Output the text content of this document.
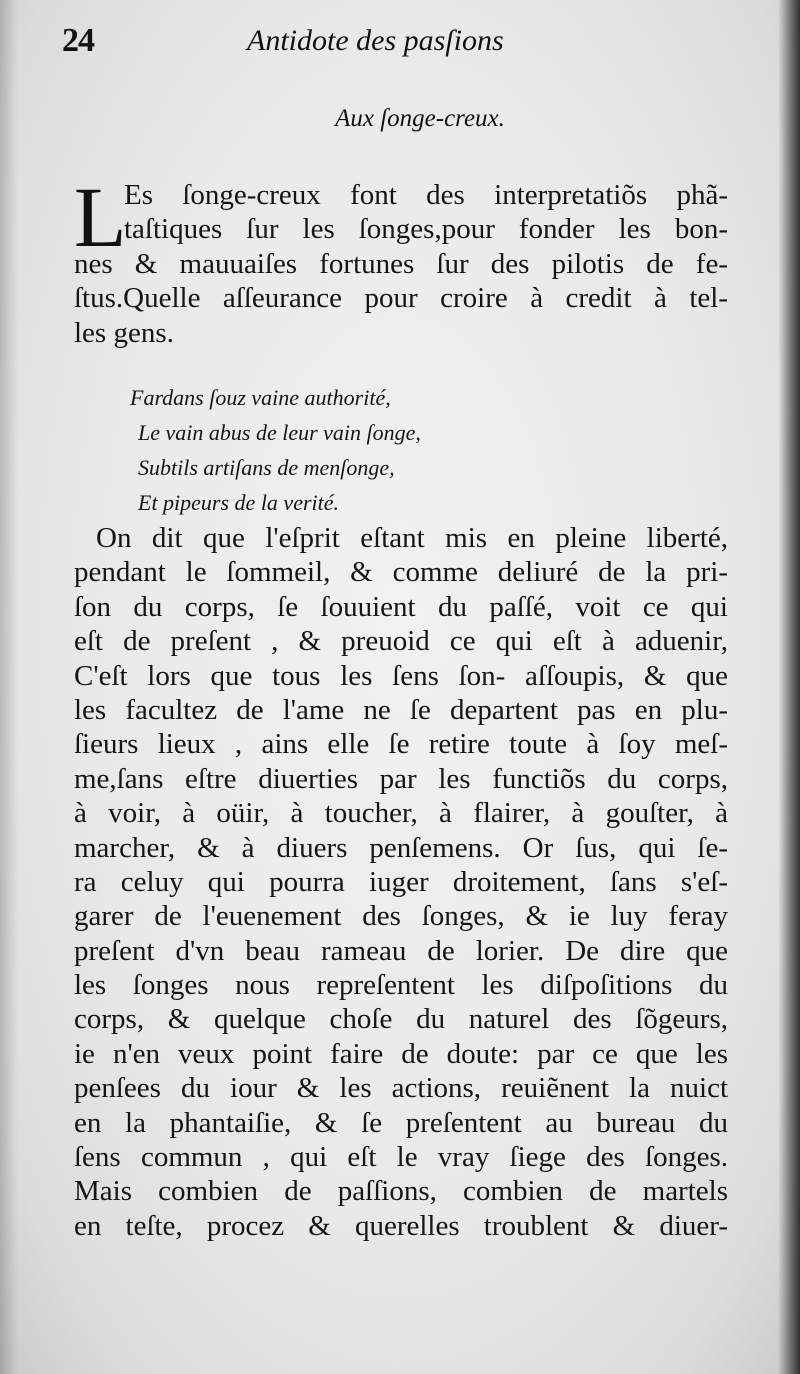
24	Antidote des pasſions
Aux ſonge-creux.
L
Es ſonge-creux font des interpretatiõs phã-
taſtiques ſur les ſonges,pour fonder les bon-
nes & mauuaiſes fortunes ſur des pilotis de fe-
ſtus.Quelle aſſeurance pour croire à credit à tel-
les gens.
Fardans ſouz vaine authorité,
Le vain abus de leur vain ſonge,
Subtils artiſans de menſonge,
Et pipeurs de la verité.
On dit que l'eſprit eſtant mis en pleine liberté,
pendant le ſommeil, & comme deliuré de la pri-
ſon du corps, ſe ſouuient du paſſé, voit ce qui
eſt de preſent , & preuoid ce qui eſt à aduenir,
C'eſt lors que tous les ſens ſon- aſſoupis, & que
les facultez de l'ame ne ſe departent pas en plu-
ſieurs lieux , ains elle ſe retire toute à ſoy meſ-
me,ſans eſtre diuerties par les functiõs du corps,
à voir, à oüir, à toucher, à flairer, à gouſter, à
marcher, & à diuers penſemens. Or ſus, qui ſe-
ra celuy qui pourra iuger droitement, ſans s'eſ-
garer de l'euenement des ſonges, & ie luy feray
preſent d'vn beau rameau de lorier. De dire que
les ſonges nous repreſentent les diſpoſitions du
corps, & quelque choſe du naturel des ſõgeurs,
ie n'en veux point faire de doute: par ce que les
penſees du iour & les actions, reuiẽnent la nuict
en la phantaiſie, & ſe preſentent au bureau du
ſens commun , qui eſt le vray ſiege des ſonges.
Mais combien de paſſions, combien de martels
en teſte, procez & querelles troublent & diuer-
